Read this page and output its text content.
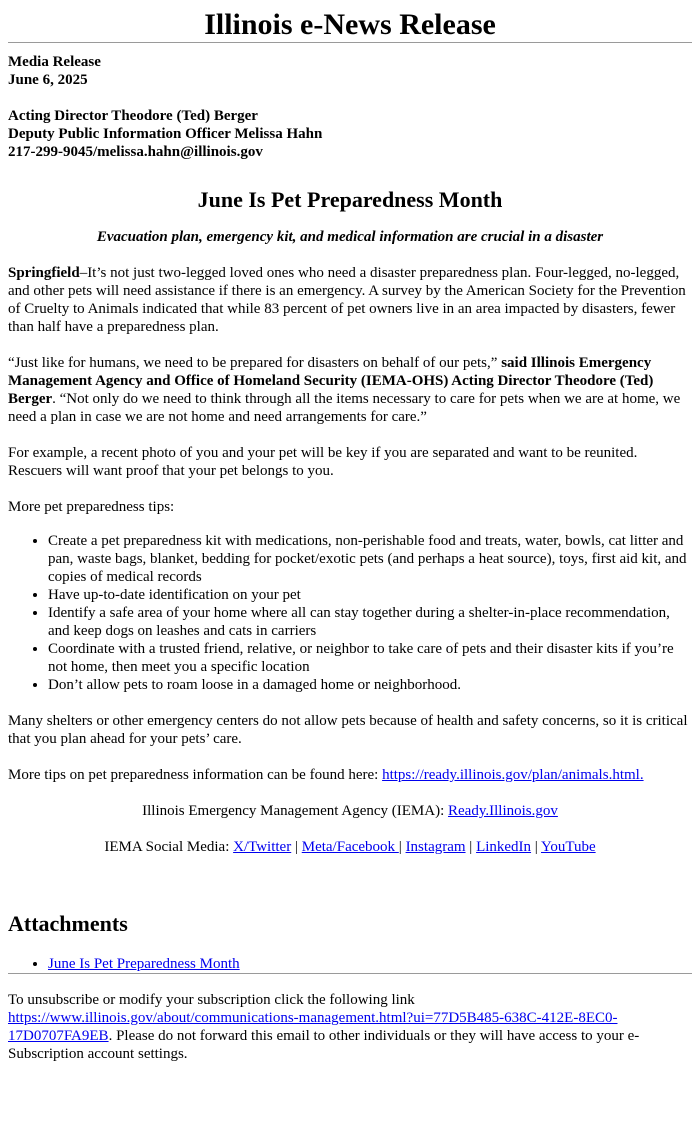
Illinois e-News Release

Media Release

June 6, 2025

Acting Director Theodore (Ted) Berger

Deputy Public Information Officer Melissa Hahn

217-299-9045/melissa.hahn@illinois.gov

June Is Pet Preparedness Month

Evacuation plan, emergency kit, and medical information are crucial in a disaster

Springfield–It’s not just two-legged loved ones who need a disaster preparedness plan. Four-legged, no-legged, and other pets will need assistance if there is an emergency. A survey by the American Society for the Prevention of Cruelty to Animals indicated that while 83 percent of pet owners live in an area impacted by disasters, fewer than half have a preparedness plan.

“Just like for humans, we need to be prepared for disasters on behalf of our pets,” said Illinois Emergency Management Agency and Office of Homeland Security (IEMA-OHS) Acting Director Theodore (Ted) Berger. “Not only do we need to think through all the items necessary to care for pets when we are at home, we need a plan in case we are not home and need arrangements for care.”

For example, a recent photo of you and your pet will be key if you are separated and want to be reunited. Rescuers will want proof that your pet belongs to you.

More pet preparedness tips:

• Create a pet preparedness kit with medications, non-perishable food and treats, water, bowls, cat litter and pan, waste bags, blanket, bedding for pocket/exotic pets (and perhaps a heat source), toys, first aid kit, and copies of medical records
• Have up-to-date identification on your pet
• Identify a safe area of your home where all can stay together during a shelter-in-place recommendation, and keep dogs on leashes and cats in carriers
• Coordinate with a trusted friend, relative, or neighbor to take care of pets and their disaster kits if you’re not home, then meet you a specific location
• Don’t allow pets to roam loose in a damaged home or neighborhood.

Many shelters or other emergency centers do not allow pets because of health and safety concerns, so it is critical that you plan ahead for your pets’ care.

More tips on pet preparedness information can be found here: https://ready.illinois.gov/plan/animals.html.

Illinois Emergency Management Agency (IEMA): Ready.Illinois.gov

IEMA Social Media: X/Twitter | Meta/Facebook | Instagram | LinkedIn | YouTube

Attachments
• June Is Pet Preparedness Month

To unsubscribe or modify your subscription click the following link https://www.illinois.gov/about/communications-management.html?ui=77D5B485-638C-412E-8EC0-17D0707FA9EB. Please do not forward this email to other individuals or they will have access to your e-Subscription account settings.
